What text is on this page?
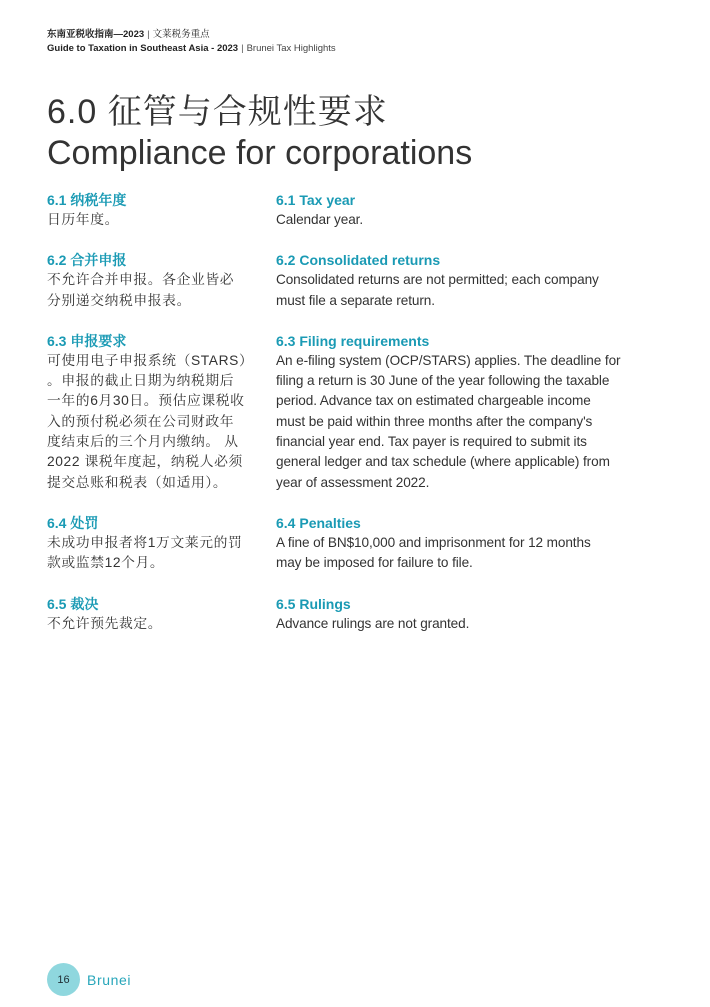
东南亚税收指南—2023 | 文莱税务重点
Guide to Taxation in Southeast Asia - 2023 | Brunei Tax Highlights
6.0 征管与合规性要求
Compliance for corporations
6.1 纳税年度

日历年度。

6.2 合并申报

不允许合并申报。各企业皆必
分别递交纳税申报表。

6.3 申报要求

可使用电子申报系统（STARS）
。申报的截止日期为纳税期后
一年的6月30日。预估应课税收
入的预付税必须在公司财政年
度结束后的三个月内缴纳。 从
2022 课税年度起，纳税人必须
提交总账和税表（如适用）。

6.4 处罚

未成功申报者将1万文莱元的罚
款或监禁12个月。

6.5 裁决

不允许预先裁定。

6.1 Tax year

Calendar year.

6.2 Consolidated returns

Consolidated returns are not permitted; each company
must file a separate return.

6.3 Filing requirements

An e-filing system (OCP/STARS) applies. The deadline for
filing a return is 30 June of the year following the taxable
period. Advance tax on estimated chargeable income
must be paid within three months after the company's
financial year end. Tax payer is required to submit its
general ledger and tax schedule (where applicable) from
year of assessment 2022.

6.4 Penalties

A fine of BN$10,000 and imprisonment for 12 months
may be imposed for failure to file.

6.5 Rulings

Advance rulings are not granted.

16 Brunei
